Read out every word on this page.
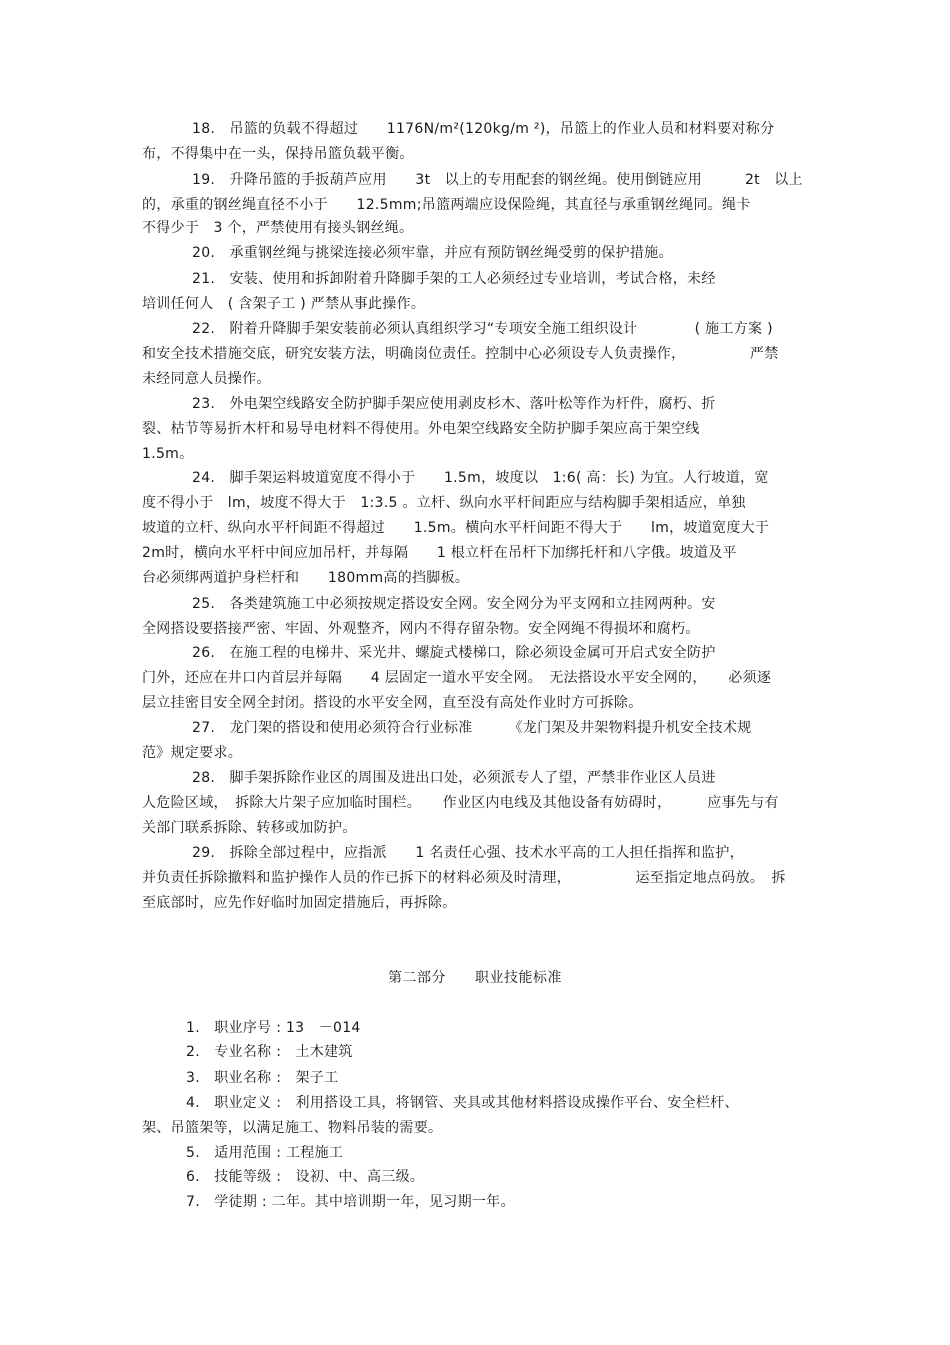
18.　吊篮的负载不得超过　　1176N/m²(120kg/m ²)，吊篮上的作业人员和材料要对称分
布，不得集中在一头，保持吊篮负载平衡。
19.　升降吊篮的手扳葫芦应用　　3t　以上的专用配套的钢丝绳。使用倒链应用　　　2t　以上
的，承重的钢丝绳直径不小于　　12.5mm;吊篮两端应设保险绳，其直径与承重钢丝绳同。绳卡
不得少于　3 个，严禁使用有接头钢丝绳。
20.　承重钢丝绳与挑梁连接必须牢靠，并应有预防钢丝绳受剪的保护措施。
21.　安装、使用和拆卸附着升降脚手架的工人必须经过专业培训，考试合格，未经
培训任何人　( 含架子工 ) 严禁从事此操作。
22.　附着升降脚手架安装前必须认真组织学习“专项安全施工组织设计　　　　( 施工方案 )
和安全技术措施交底，研究安装方法，明确岗位责任。控制中心必须设专人负责操作，　　　　　严禁
未经同意人员操作。
23.　外电架空线路安全防护脚手架应使用剥皮杉木、落叶松等作为杆件，腐朽、折
裂、枯节等易折木杆和易导电材料不得使用。外电架空线路安全防护脚手架应高于架空线
1.5m。
24.　脚手架运料坡道宽度不得小于　　1.5m，坡度以　1:6( 高：长) 为宜。人行坡道，宽
度不得小于　lm，坡度不得大于　1:3.5 。立杆、纵向水平杆间距应与结构脚手架相适应，单独
坡道的立杆、纵向水平杆间距不得超过　　1.5m。横向水平杆间距不得大于　　lm，坡道宽度大于
2m时，横向水平杆中间应加吊杆，并每隔　　1 根立杆在吊杆下加绑托杆和八字俄。坡道及平
台必须绑两道护身栏杆和　　180mm高的挡脚板。
25.　各类建筑施工中必须按规定搭设安全网。安全网分为平支网和立挂网两种。安
全网搭设要搭接严密、牢固、外观整齐，网内不得存留杂物。安全网绳不得损坏和腐朽。
26.　在施工程的电梯井、采光井、螺旋式楼梯口，除必须设金属可开启式安全防护
门外，还应在井口内首层并每隔　　4 层固定一道水平安全网。　无法搭设水平安全网的，　　必须逐
层立挂密目安全网全封闭。搭设的水平安全网，直至没有高处作业时方可拆除。
27.　龙门架的搭设和使用必须符合行业标准　　　《龙门架及井架物料提升机安全技术规
范》规定要求。
28.　脚手架拆除作业区的周围及进出口处，必须派专人了望，严禁非作业区人员进
人危险区域，　拆除大片架子应加临时围栏。　　作业区内电线及其他设备有妨碍时，　　　应事先与有
关部门联系拆除、转移或加防护。
29.　拆除全部过程中，应指派　　1 名责任心强、技术水平高的工人担任指挥和监护，
并负责任拆除撤料和监护操作人员的作已拆下的材料必须及时清理，　　　　　运至指定地点码放。　拆
至底部时，应先作好临时加固定措施后，再拆除。
第二部分　　职业技能标准
1.　职业序号 : 13　－014
2.　专业名称 :　土木建筑
3.　职业名称 :　架子工
4.　职业定义 :　利用搭设工具，将钢管、夹具或其他材料搭设成操作平台、安全栏杆、
架、吊篮架等，以满足施工、物料吊装的需要。
5.　适用范围 : 工程施工
6.　技能等级 :　设初、中、高三级。
7.　学徒期 : 二年。其中培训期一年，见习期一年。
